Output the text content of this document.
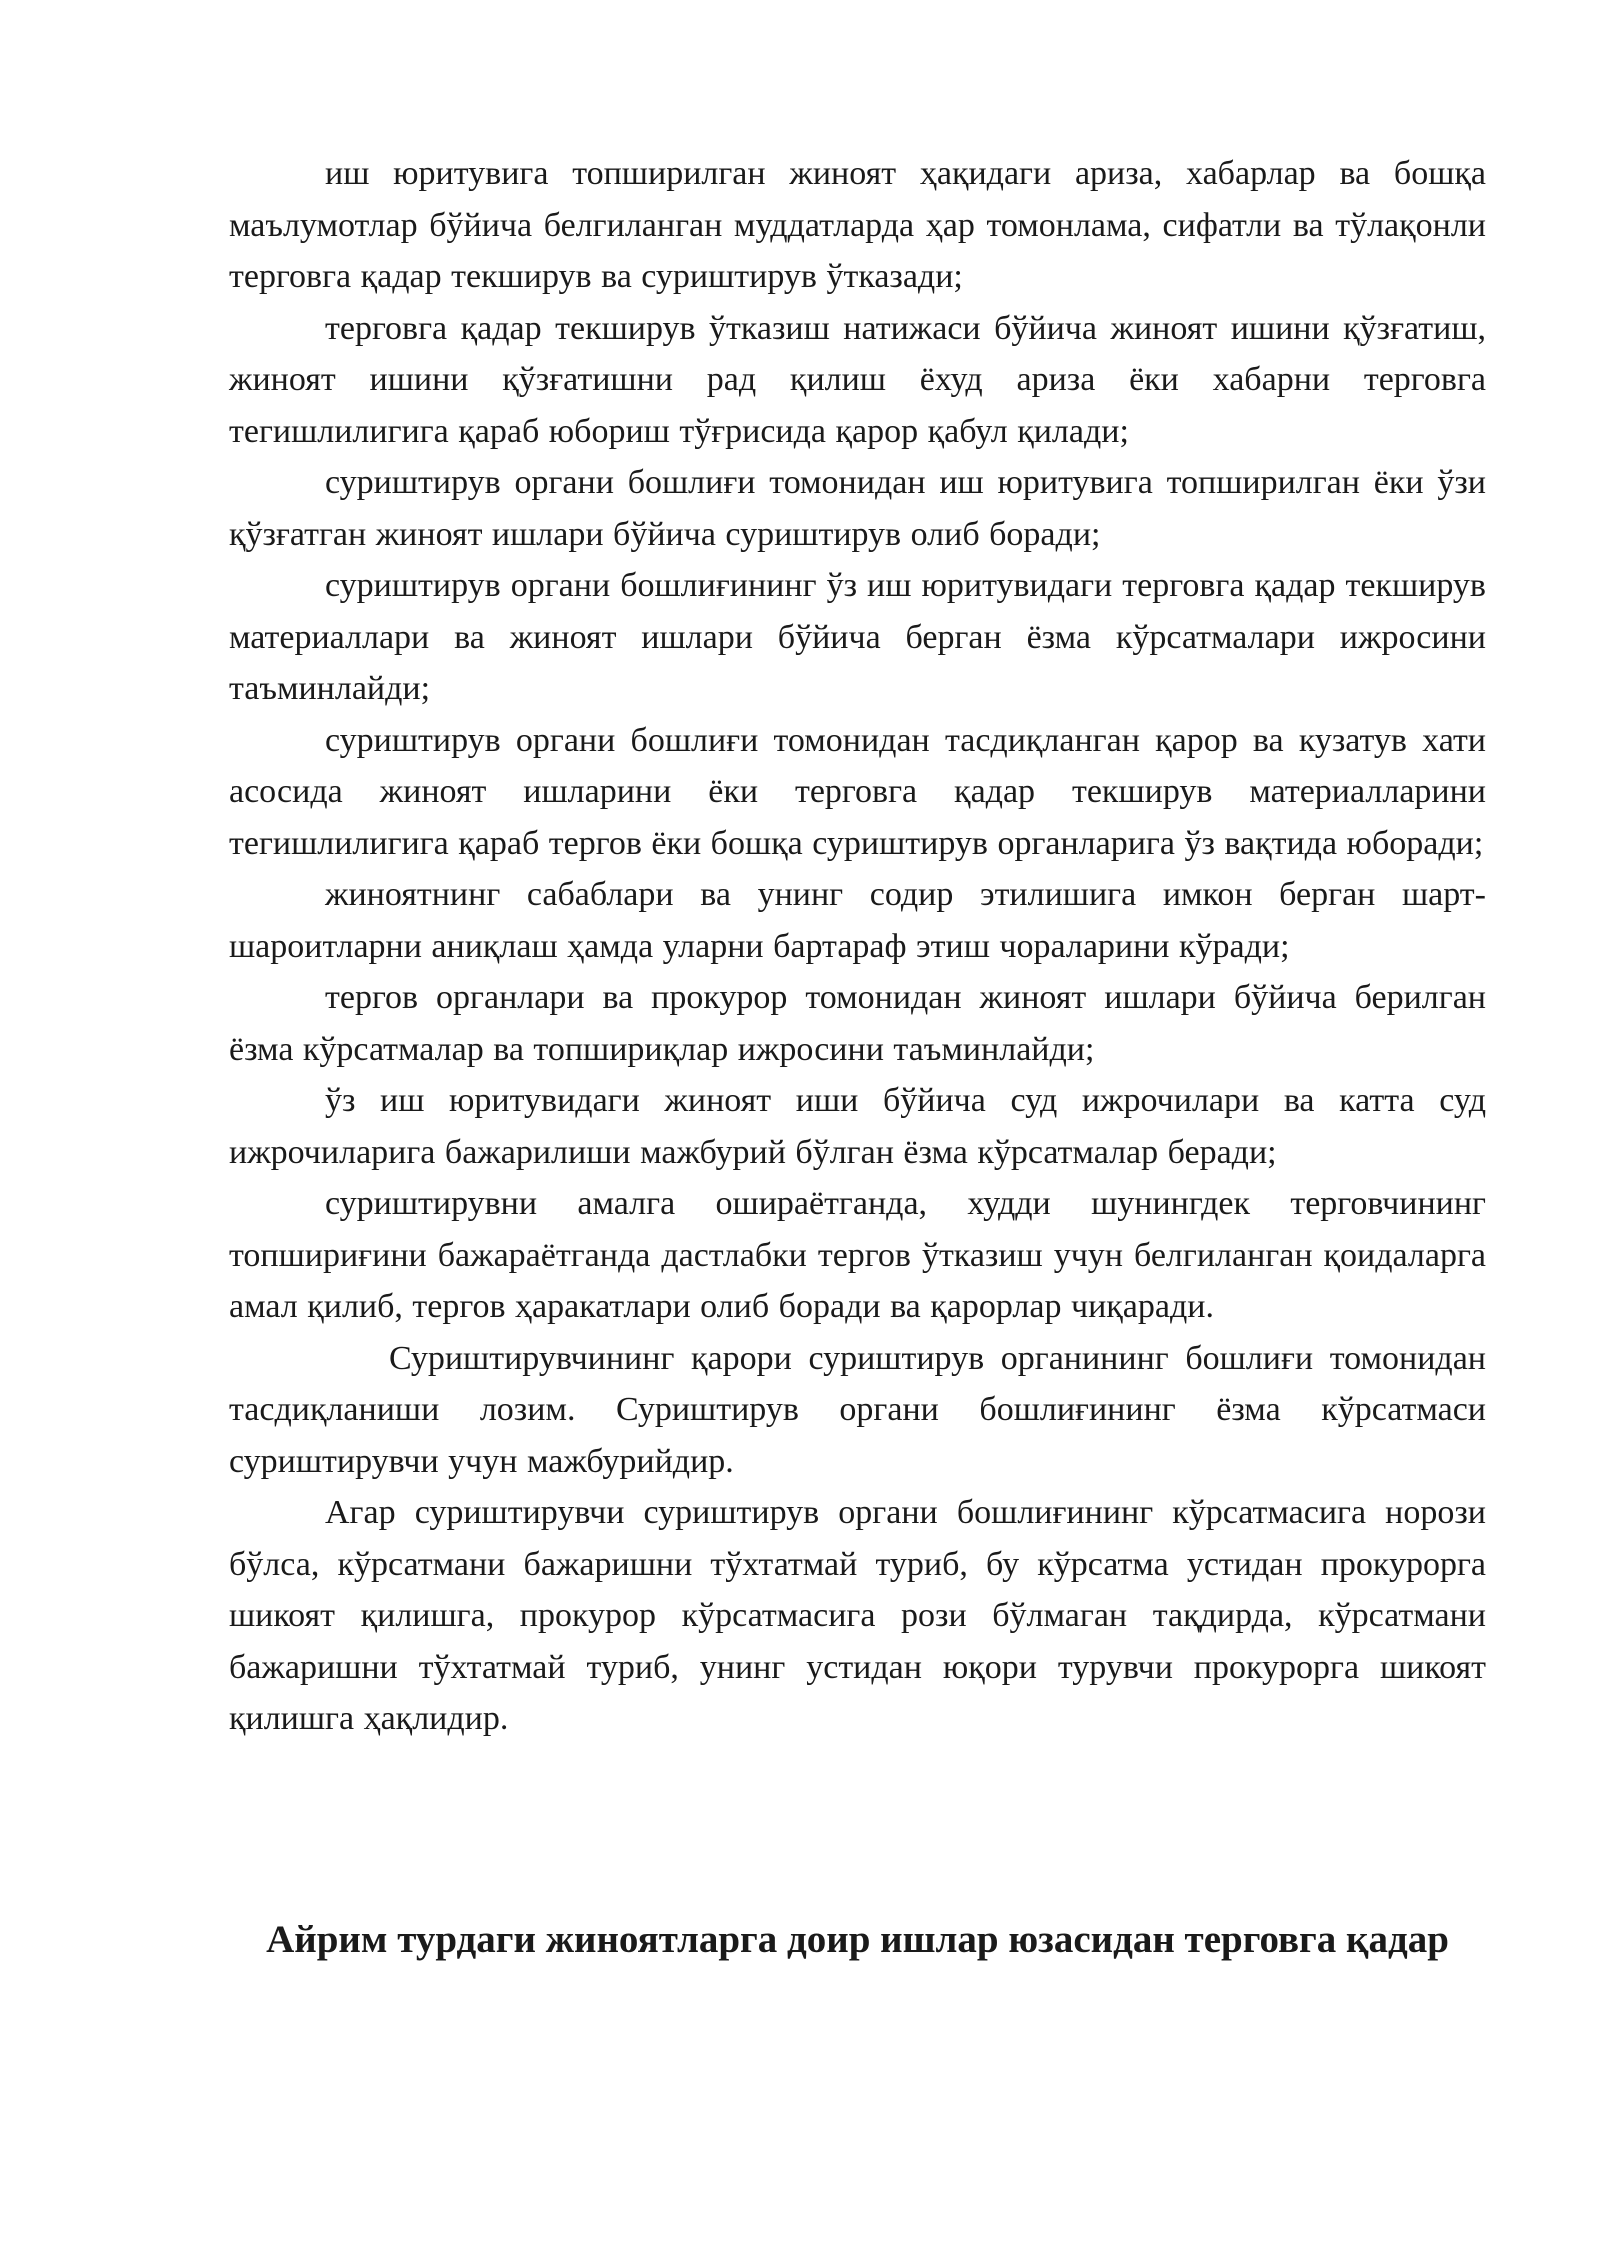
иш юритувига топширилган жиноят ҳақидаги ариза, хабарлар ва бошқа маълумотлар бўйича белгиланган муддатларда ҳар томонлама, сифатли ва тўлақонли терговга қадар текширув ва суриштирув ўтказади;

терговга қадар текширув ўтказиш натижаси бўйича жиноят ишини қўзғатиш, жиноят ишини қўзғатишни рад қилиш ёхуд ариза ёки хабарни терговга тегишлилигига қараб юбориш тўғрисида қарор қабул қилади;

суриштирув органи бошлиғи томонидан иш юритувига топширилган ёки ўзи қўзғатган жиноят ишлари бўйича суриштирув олиб боради;

суриштирув органи бошлиғининг ўз иш юритувидаги терговга қадар текширув материаллари ва жиноят ишлари бўйича берган ёзма кўрсатмалари ижросини таъминлайди;

суриштирув органи бошлиғи томонидан тасдиқланган қарор ва кузатув хати асосида жиноят ишларини ёки терговга қадар текширув материалларини тегишлилигига қараб тергов ёки бошқа суриштирув органларига ўз вақтида юборади;

жиноятнинг сабаблари ва унинг содир этилишига имкон берган шарт-шароитларни аниқлаш ҳамда уларни бартараф этиш чораларини кўради;

тергов органлари ва прокурор томонидан жиноят ишлари бўйича берилган ёзма кўрсатмалар ва топшириқлар ижросини таъминлайди;

ўз иш юритувидаги жиноят иши бўйича суд ижрочилари ва катта суд ижрочиларига бажарилиши мажбурий бўлган ёзма кўрсатмалар беради;

суриштирувни амалга ошираётганда, худди шунингдек терговчининг топшириғини бажараётганда дастлабки тергов ўтказиш учун белгиланган қоидаларга амал қилиб, тергов ҳаракатлари олиб боради ва қарорлар чиқаради.

Суриштирувчининг қарори суриштирув органининг бошлиғи томонидан тасдиқланиши лозим. Суриштирув органи бошлиғининг ёзма кўрсатмаси суриштирувчи учун мажбурийдир.

Агар суриштирувчи суриштирув органи бошлиғининг кўрсатмасига норози бўлса, кўрсатмани бажаришни тўхтатмай туриб, бу кўрсатма устидан прокурорга шикоят қилишга, прокурор кўрсатмасига рози бўлмаган тақдирда, кўрсатмани бажаришни тўхтатмай туриб, унинг устидан юқори турувчи прокурорга шикоят қилишга ҳақлидир.

Айрим турдаги жиноятларга доир ишлар юзасидан терговга қадар
